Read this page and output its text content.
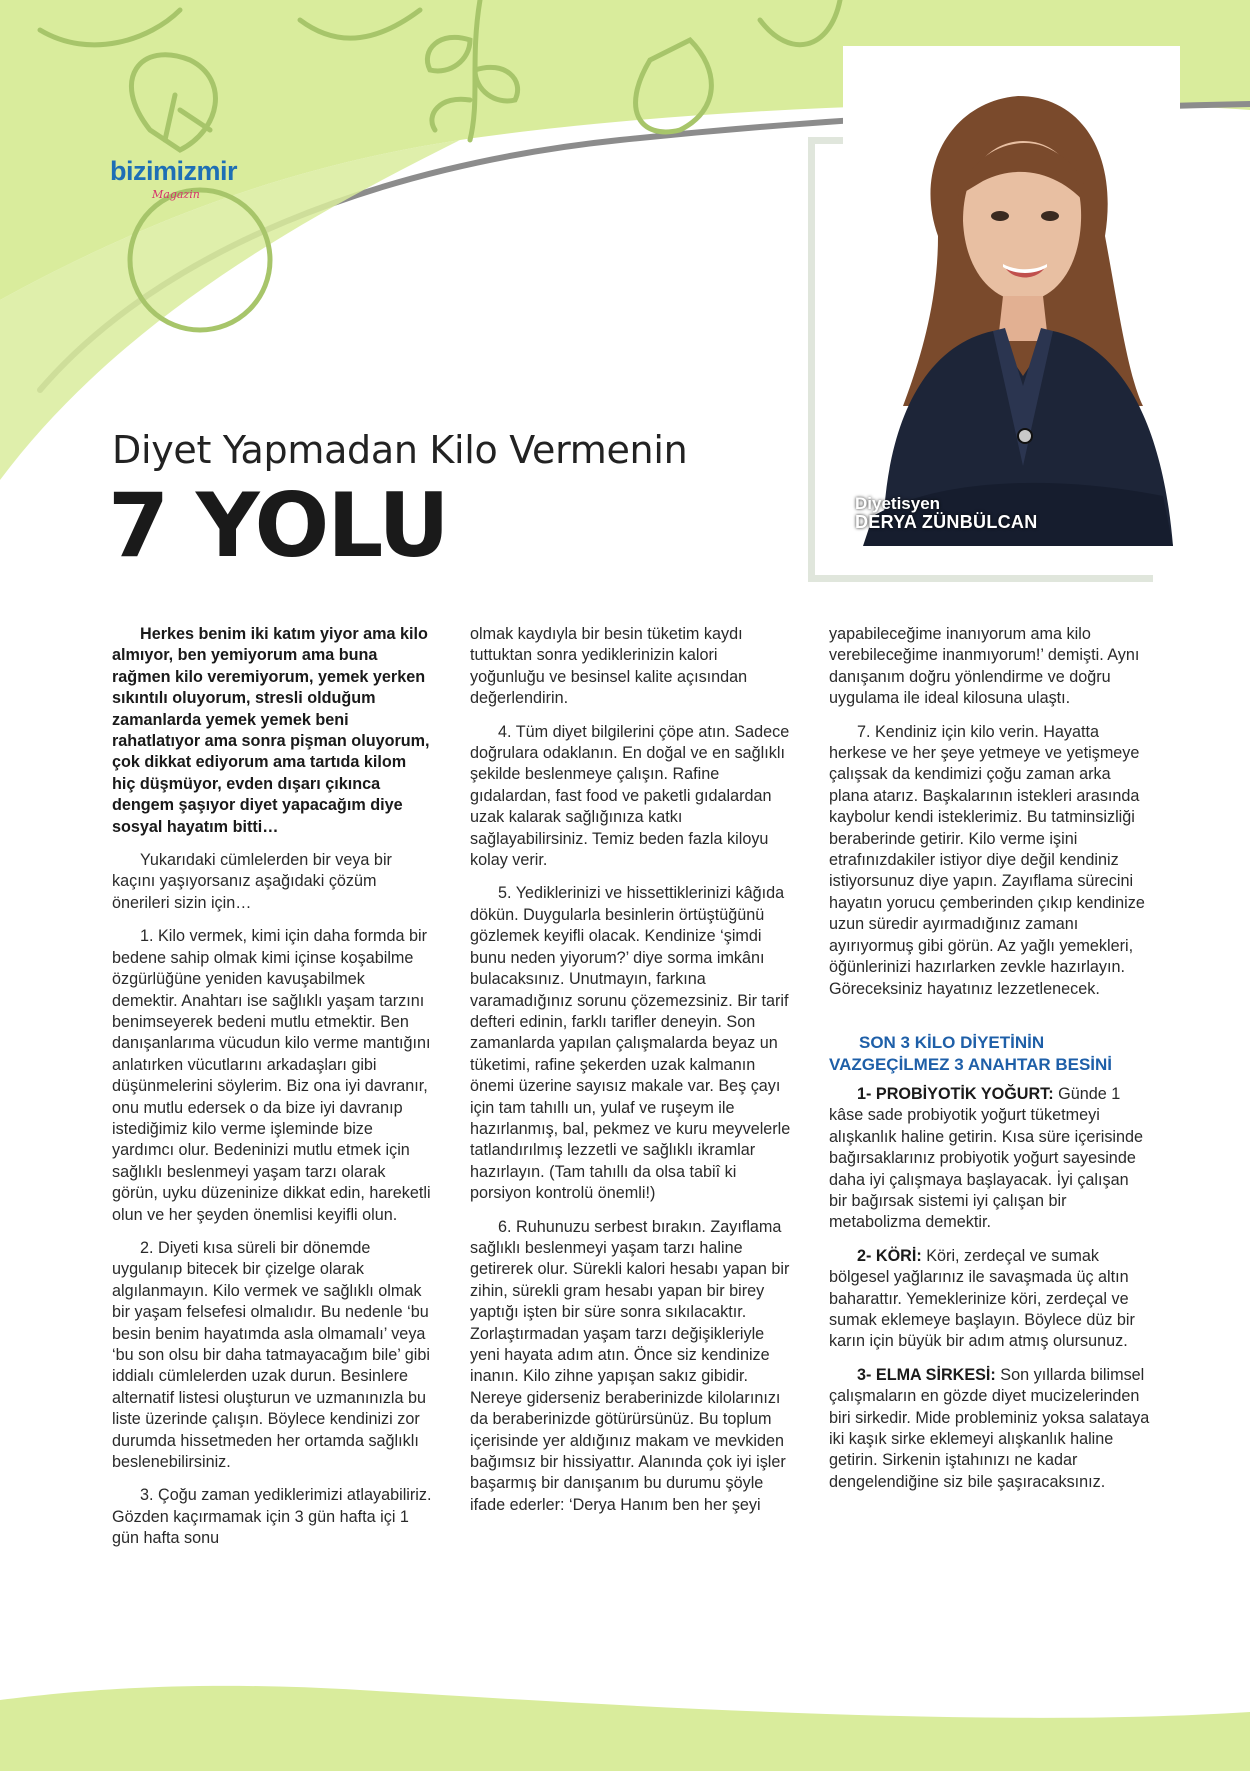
bizimizmir
Magazin
Diyetisyen
DERYA ZÜNBÜLCAN
Diyet Yapmadan Kilo Vermenin
7 YOLU

Herkes benim iki katım yiyor ama kilo almıyor, ben yemiyorum ama buna rağmen kilo veremiyorum, yemek yerken sıkıntılı oluyorum, stresli olduğum zamanlarda yemek yemek beni rahatlatıyor ama sonra pişman oluyorum, çok dikkat ediyorum ama tartıda kilom hiç düşmüyor, evden dışarı çıkınca dengem şaşıyor diyet yapacağım diye sosyal hayatım bitti…

Yukarıdaki cümlelerden bir veya bir kaçını yaşıyorsanız aşağıdaki çözüm önerileri sizin için…

1. Kilo vermek, kimi için daha formda bir bedene sahip olmak kimi içinse koşabilme özgürlüğüne yeniden kavuşabilmek demektir. Anahtarı ise sağlıklı yaşam tarzını benimseyerek bedeni mutlu etmektir. Ben danışanlarıma vücudun kilo verme mantığını anlatırken vücutlarını arkadaşları gibi düşünmelerini söylerim. Biz ona iyi davranır, onu mutlu edersek o da bize iyi davranıp istediğimiz kilo verme işleminde bize yardımcı olur. Bedeninizi mutlu etmek için sağlıklı beslenmeyi yaşam tarzı olarak görün, uyku düzeninize dikkat edin, hareketli olun ve her şeyden önemlisi keyifli olun.

2. Diyeti kısa süreli bir dönemde uygulanıp bitecek bir çizelge olarak algılanmayın. Kilo vermek ve sağlıklı olmak bir yaşam felsefesi olmalıdır. Bu nedenle ‘bu besin benim hayatımda asla olmamalı’ veya ‘bu son olsu bir daha tatmayacağım bile’ gibi iddialı cümlelerden uzak durun. Besinlere alternatif listesi oluşturun ve uzmanınızla bu liste üzerinde çalışın. Böylece kendinizi zor durumda hissetmeden her ortamda sağlıklı beslenebilirsiniz.

3. Çoğu zaman yediklerimizi atlayabiliriz. Gözden kaçırmamak için 3 gün hafta içi 1 gün hafta sonu

olmak kaydıyla bir besin tüketim kaydı tuttuktan sonra yediklerinizin kalori yoğunluğu ve besinsel kalite açısından değerlendirin.

4. Tüm diyet bilgilerini çöpe atın. Sadece doğrulara odaklanın. En doğal ve en sağlıklı şekilde beslenmeye çalışın. Rafine gıdalardan, fast food ve paketli gıdalardan uzak kalarak sağlığınıza katkı sağlayabilirsiniz. Temiz beden fazla kiloyu kolay verir.

5. Yediklerinizi ve hissettiklerinizi kâğıda dökün. Duygularla besinlerin örtüştüğünü gözlemek keyifli olacak. Kendinize ‘şimdi bunu neden yiyorum?’ diye sorma imkânı bulacaksınız. Unutmayın, farkına varamadığınız sorunu çözemezsiniz. Bir tarif defteri edinin, farklı tarifler deneyin. Son zamanlarda yapılan çalışmalarda beyaz un tüketimi, rafine şekerden uzak kalmanın önemi üzerine sayısız makale var. Beş çayı için tam tahıllı un, yulaf ve ruşeym ile hazırlanmış, bal, pekmez ve kuru meyvelerle tatlandırılmış lezzetli ve sağlıklı ikramlar hazırlayın. (Tam tahıllı da olsa tabiî ki porsiyon kontrolü önemli!)

6. Ruhunuzu serbest bırakın. Zayıflama sağlıklı beslenmeyi yaşam tarzı haline getirerek olur. Sürekli kalori hesabı yapan bir zihin, sürekli gram hesabı yapan bir birey yaptığı işten bir süre sonra sıkılacaktır. Zorlaştırmadan yaşam tarzı değişikleriyle yeni hayata adım atın. Önce siz kendinize inanın. Kilo zihne yapışan sakız gibidir. Nereye giderseniz beraberinizde kilolarınızı da beraberinizde götürürsünüz. Bu toplum içerisinde yer aldığınız makam ve mevkiden bağımsız bir hissiyattır. Alanında çok iyi işler başarmış bir danışanım bu durumu şöyle ifade ederler: ‘Derya Hanım ben her şeyi

yapabileceğime inanıyorum ama kilo verebileceğime inanmıyorum!’ demişti. Aynı danışanım doğru yönlendirme ve doğru uygulama ile ideal kilosuna ulaştı.

7. Kendiniz için kilo verin. Hayatta herkese ve her şeye yetmeye ve yetişmeye çalışsak da kendimizi çoğu zaman arka plana atarız. Başkalarının istekleri arasında kaybolur kendi isteklerimiz. Bu tatminsizliği beraberinde getirir. Kilo verme işini etrafınızdakiler istiyor diye değil kendiniz istiyorsunuz diye yapın. Zayıflama sürecini hayatın yorucu çemberinden çıkıp kendinize uzun süredir ayırmadığınız zamanı ayırıyormuş gibi görün. Az yağlı yemekleri, öğünlerinizi hazırlarken zevkle hazırlayın. Göreceksiniz hayatınız lezzetlenecek.

SON 3 KİLO DİYETİNİN
VAZGEÇİLMEZ 3 ANAHTAR BESİNİ

1- PROBİYOTİK YOĞURT: Günde 1 kâse sade probiyotik yoğurt tüketmeyi alışkanlık haline getirin. Kısa süre içerisinde bağırsaklarınız probiyotik yoğurt sayesinde daha iyi çalışmaya başlayacak. İyi çalışan bir bağırsak sistemi iyi çalışan bir metabolizma demektir.

2- KÖRİ: Köri, zerdeçal ve sumak bölgesel yağlarınız ile savaşmada üç altın baharattır. Yemeklerinize köri, zerdeçal ve sumak eklemeye başlayın. Böylece düz bir karın için büyük bir adım atmış olursunuz.

3- ELMA SİRKESİ: Son yıllarda bilimsel çalışmaların en gözde diyet mucizelerinden biri sirkedir. Mide probleminiz yoksa salataya iki kaşık sirke eklemeyi alışkanlık haline getirin. Sirkenin iştahınızı ne kadar dengelendiğine siz bile şaşıracaksınız.
